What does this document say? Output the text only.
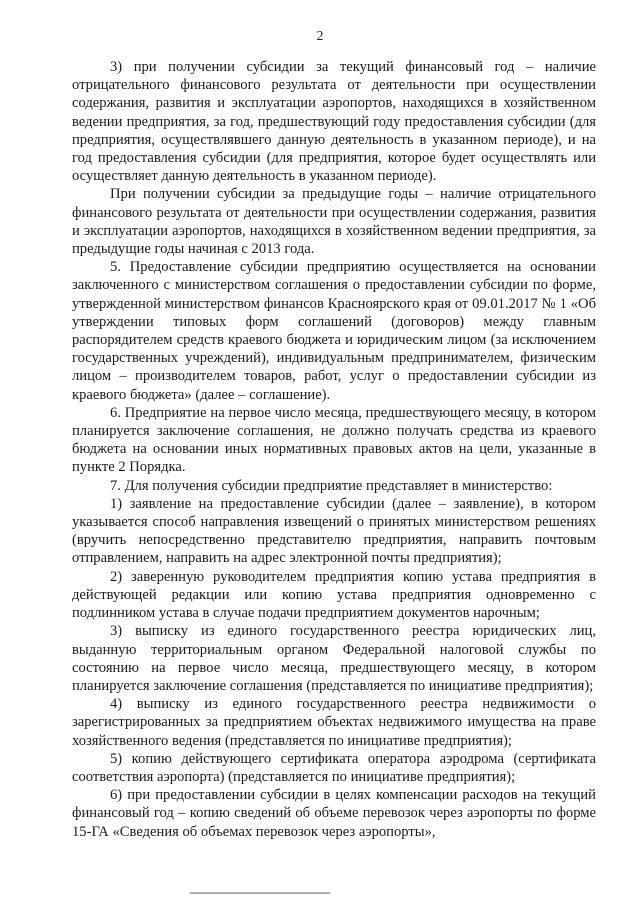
2

3) при получении субсидии за текущий финансовый год – наличие отрицательного финансового результата от деятельности при осуществлении содержания, развития и эксплуатации аэропортов, находящихся в хозяйственном ведении предприятия, за год, предшествующий году предоставления субсидии (для предприятия, осуществлявшего данную деятельность в указанном периоде), и на год предоставления субсидии (для предприятия, которое будет осуществлять или осуществляет данную деятельность в указанном периоде).

При получении субсидии за предыдущие годы – наличие отрицательного финансового результата от деятельности при осуществлении содержания, развития и эксплуатации аэропортов, находящихся в хозяйственном ведении предприятия, за предыдущие годы начиная с 2013 года.

5. Предоставление субсидии предприятию осуществляется на основании заключенного с министерством соглашения о предоставлении субсидии по форме, утвержденной министерством финансов Красноярского края от 09.01.2017 № 1 «Об утверждении типовых форм соглашений (договоров) между главным распорядителем средств краевого бюджета и юридическим лицом (за исключением государственных учреждений), индивидуальным предпринимателем, физическим лицом – производителем товаров, работ, услуг о предоставлении субсидии из краевого бюджета» (далее – соглашение).

6. Предприятие на первое число месяца, предшествующего месяцу, в котором планируется заключение соглашения, не должно получать средства из краевого бюджета на основании иных нормативных правовых актов на цели, указанные в пункте 2 Порядка.

7. Для получения субсидии предприятие представляет в министерство:

1) заявление на предоставление субсидии (далее – заявление), в котором указывается способ направления извещений о принятых министерством решениях (вручить непосредственно представителю предприятия, направить почтовым отправлением, направить на адрес электронной почты предприятия);

2) заверенную руководителем предприятия копию устава предприятия в действующей редакции или копию устава предприятия одновременно с подлинником устава в случае подачи предприятием документов нарочным;

3) выписку из единого государственного реестра юридических лиц, выданную территориальным органом Федеральной налоговой службы по состоянию на первое число месяца, предшествующего месяцу, в котором планируется заключение соглашения (представляется по инициативе предприятия);

4) выписку из единого государственного реестра недвижимости о зарегистрированных за предприятием объектах недвижимого имущества на праве хозяйственного ведения (представляется по инициативе предприятия);

5) копию действующего сертификата оператора аэродрома (сертификата соответствия аэропорта) (представляется по инициативе предприятия);

6) при предоставлении субсидии в целях компенсации расходов на текущий финансовый год – копию сведений об объеме перевозок через аэропорты по форме 15-ГА «Сведения об объемах перевозок через аэропорты»,
